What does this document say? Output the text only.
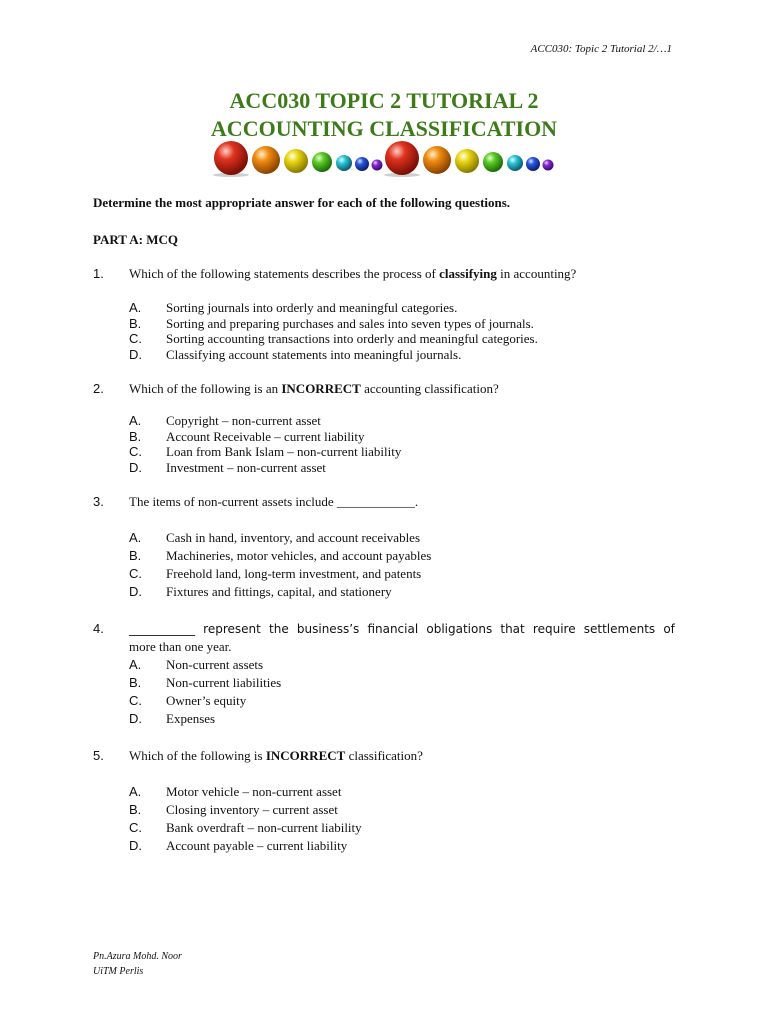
ACC030: Topic 2 Tutorial 2/…1
ACC030 TOPIC 2 TUTORIAL 2
ACCOUNTING CLASSIFICATION
Determine the most appropriate answer for each of the following questions.
PART A: MCQ
1. Which of the following statements describes the process of classifying in accounting?
A. Sorting journals into orderly and meaningful categories.
B. Sorting and preparing purchases and sales into seven types of journals.
C. Sorting accounting transactions into orderly and meaningful categories.
D. Classifying account statements into meaningful journals.
2. Which of the following is an INCORRECT accounting classification?
A. Copyright – non-current asset
B. Account Receivable – current liability
C. Loan from Bank Islam – non-current liability
D. Investment – non-current asset
3. The items of non-current assets include ____________.
A. Cash in hand, inventory, and account receivables
B. Machineries, motor vehicles, and account payables
C. Freehold land, long-term investment, and patents
D. Fixtures and fittings, capital, and stationery
4. ___________ represent the business’s financial obligations that require settlements of
more than one year.
A. Non-current assets
B. Non-current liabilities
C. Owner’s equity
D. Expenses
5. Which of the following is INCORRECT classification?
A. Motor vehicle – non-current asset
B. Closing inventory – current asset
C. Bank overdraft – non-current liability
D. Account payable – current liability
Pn.Azura Mohd. Noor
UiTM Perlis
